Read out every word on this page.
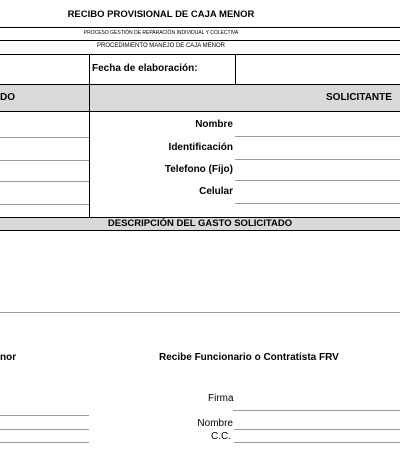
RECIBO PROVISIONAL DE CAJA MENOR
PROCESO GESTIÓN DE REPARACIÓN INDIVIDUAL Y COLECTIVA
PROCEDIMIENTO MANEJO DE CAJA MENOR
Fecha de elaboración:
DO	SOLICITANTE
Nombre
Identificación
Telefono (Fijo)
Celular
DESCRIPCIÓN DEL GASTO SOLICITADO
nor	Recibe Funcionario o Contratista FRV
Firma
Nombre
C.C.
